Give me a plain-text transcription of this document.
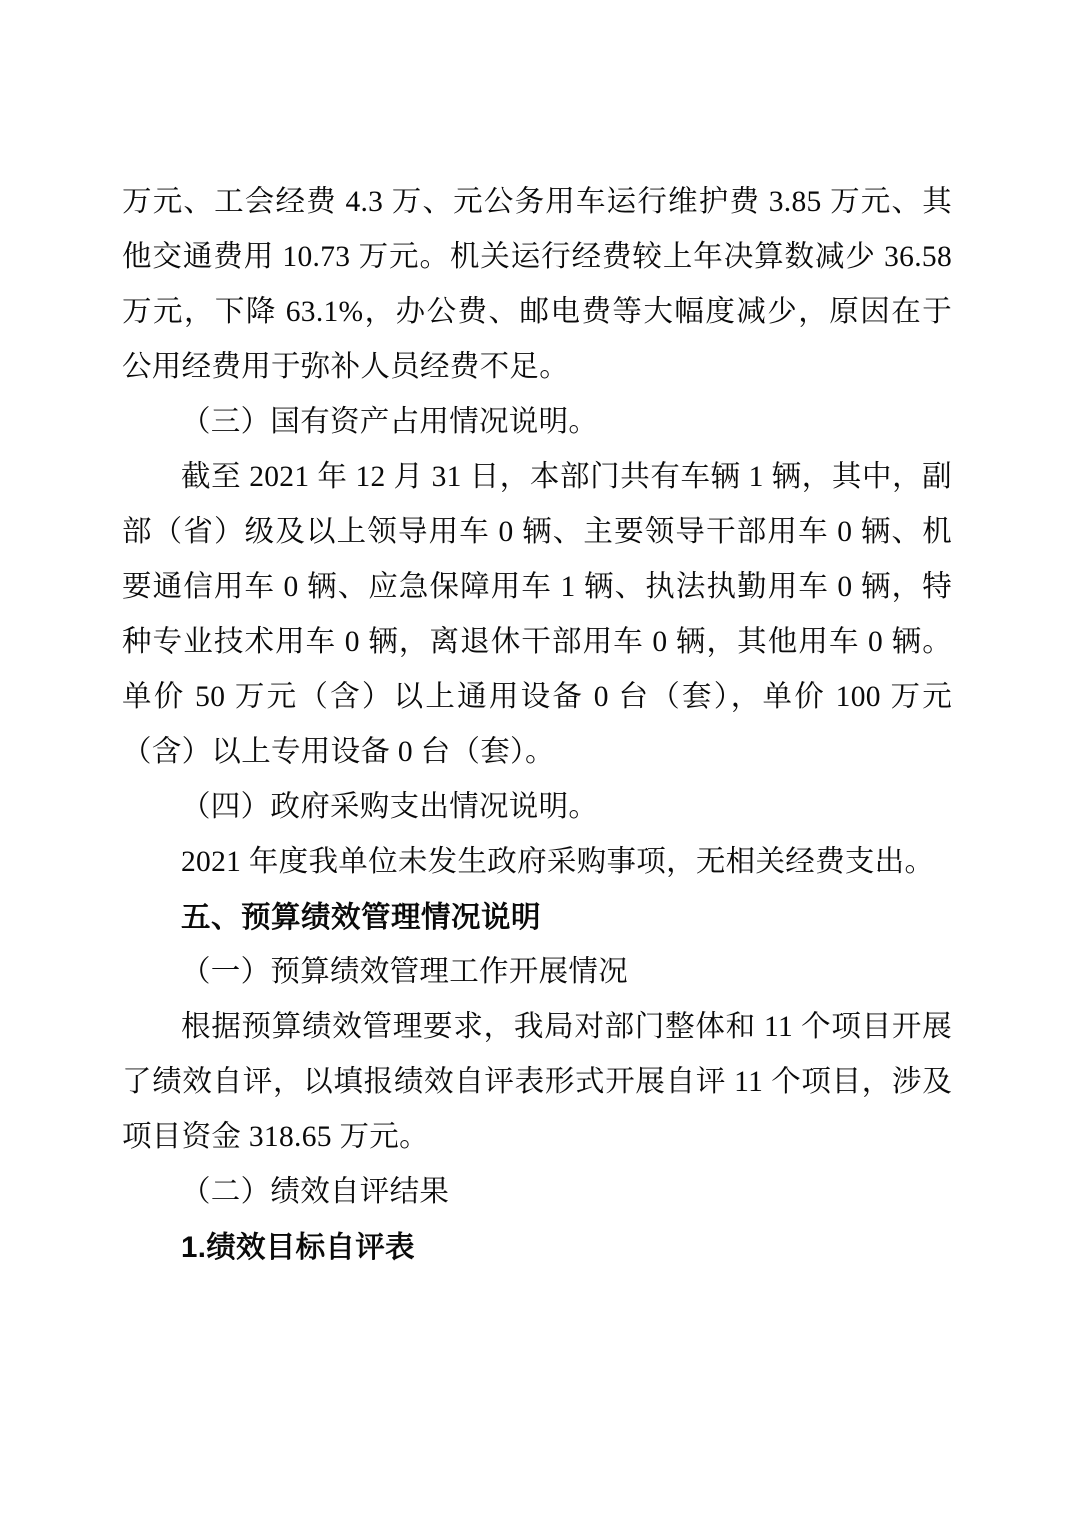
万元、工会经费 4.3 万、元公务用车运行维护费 3.85 万元、其他交通费用 10.73 万元。机关运行经费较上年决算数减少 36.58 万元，下降 63.1%，办公费、邮电费等大幅度减少，原因在于公用经费用于弥补人员经费不足。

（三）国有资产占用情况说明。

截至 2021 年 12 月 31 日，本部门共有车辆 1 辆，其中，副部（省）级及以上领导用车 0 辆、主要领导干部用车 0 辆、机要通信用车 0 辆、应急保障用车 1 辆、执法执勤用车 0 辆，特种专业技术用车 0 辆，离退休干部用车 0 辆，其他用车 0 辆。单价 50 万元（含）以上通用设备 0 台（套），单价 100 万元（含）以上专用设备 0 台（套）。

（四）政府采购支出情况说明。

2021 年度我单位未发生政府采购事项，无相关经费支出。

五、预算绩效管理情况说明

（一）预算绩效管理工作开展情况

根据预算绩效管理要求，我局对部门整体和 11 个项目开展了绩效自评，以填报绩效自评表形式开展自评 11 个项目，涉及项目资金 318.65 万元。

（二）绩效自评结果

1.绩效目标自评表
